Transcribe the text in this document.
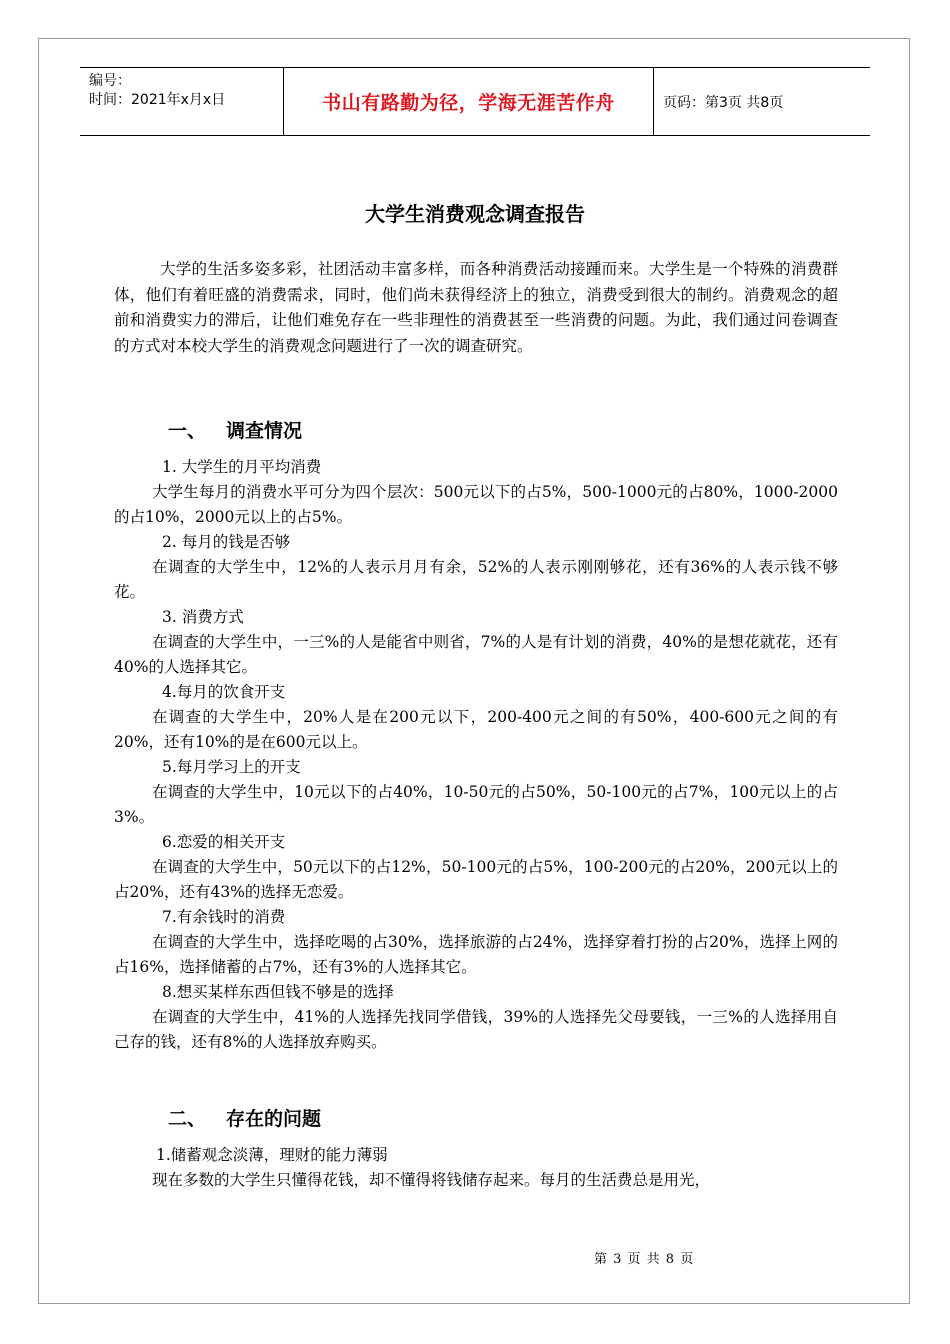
编号：
时间：2021年x月x日	书山有路勤为径，学海无涯苦作舟	页码：第3页 共8页
大学生消费观念调查报告

大学的生活多姿多彩，社团活动丰富多样，而各种消费活动接踵而来。大学生是一个特殊的消费群体，他们有着旺盛的消费需求，同时，他们尚未获得经济上的独立，消费受到很大的制约。消费观念的超前和消费实力的滞后，让他们难免存在一些非理性的消费甚至一些消费的问题。为此，我们通过问卷调查的方式对本校大学生的消费观念问题进行了一次的调查研究。

一、 调查情况

1. 大学生的月平均消费

大学生每月的消费水平可分为四个层次：500元以下的占5%，500-1000元的占80%，1000-2000的占10%，2000元以上的占5%。

2. 每月的钱是否够

在调查的大学生中，12%的人表示月月有余，52%的人表示刚刚够花，还有36%的人表示钱不够花。

3. 消费方式

在调查的大学生中，一三%的人是能省中则省，7%的人是有计划的消费，40%的是想花就花，还有40%的人选择其它。

4.每月的饮食开支

在调查的大学生中，20%人是在200元以下，200-400元之间的有50%，400-600元之间的有20%，还有10%的是在600元以上。

5.每月学习上的开支

在调查的大学生中，10元以下的占40%，10-50元的占50%，50-100元的占7%，100元以上的占3%。

6.恋爱的相关开支

在调查的大学生中，50元以下的占12%，50-100元的占5%，100-200元的占20%，200元以上的占20%，还有43%的选择无恋爱。

7.有余钱时的消费

在调查的大学生中，选择吃喝的占30%，选择旅游的占24%，选择穿着打扮的占20%，选择上网的占16%，选择储蓄的占7%，还有3%的人选择其它。

8.想买某样东西但钱不够是的选择

在调查的大学生中，41%的人选择先找同学借钱，39%的人选择先父母要钱，一三%的人选择用自己存的钱，还有8%的人选择放弃购买。

二、 存在的问题

1.储蓄观念淡薄，理财的能力薄弱

现在多数的大学生只懂得花钱，却不懂得将钱储存起来。每月的生活费总是用光，

第 3 页 共 8 页
